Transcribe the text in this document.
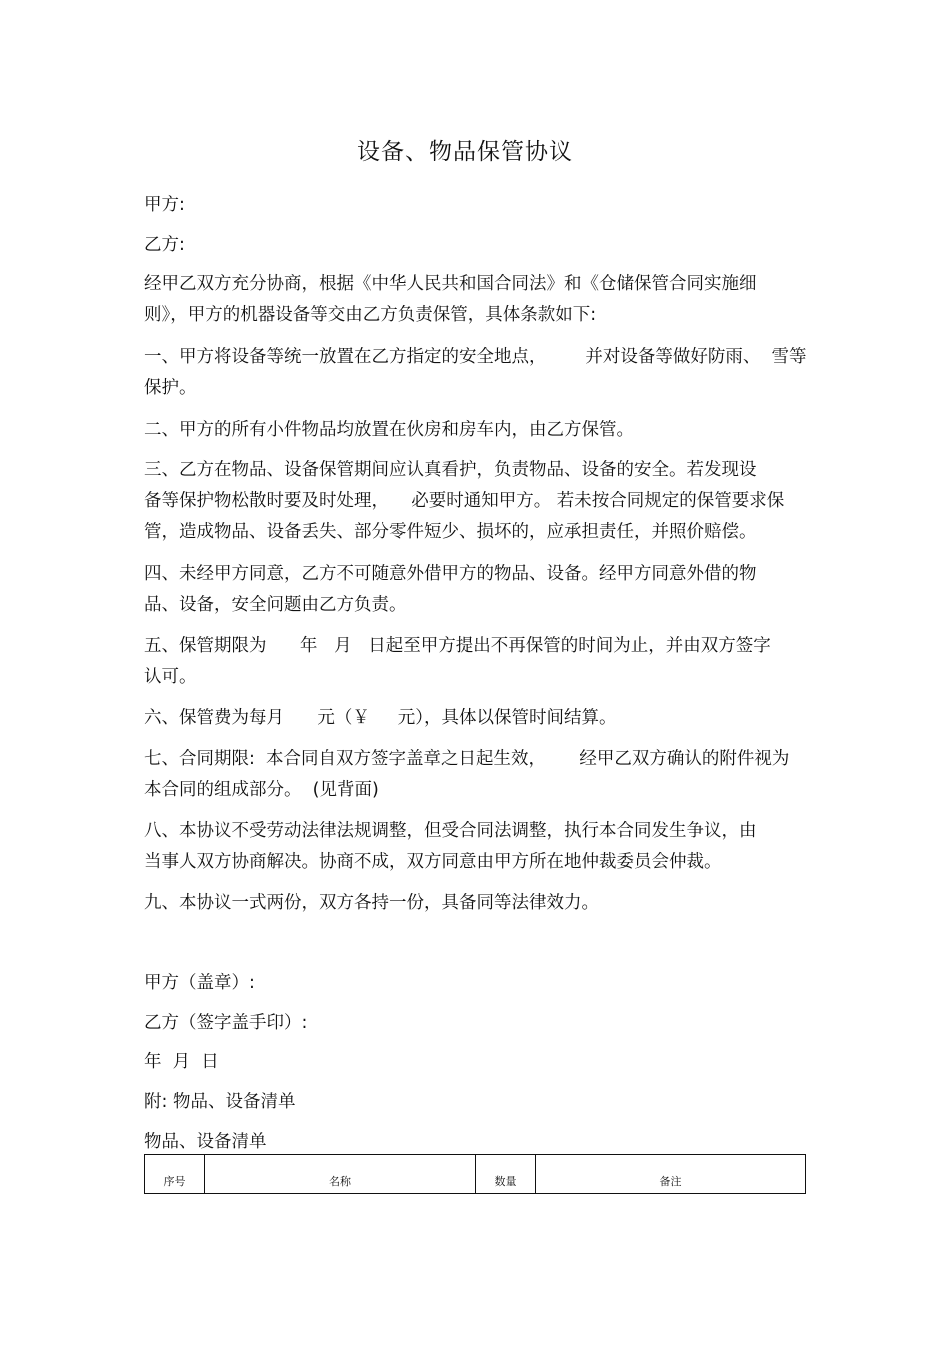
设备、物品保管协议
甲方:
乙方:
经甲乙双方充分协商，根据《中华人民共和国合同法》和《仓储保管合同实施细
则》，甲方的机器设备等交由乙方负责保管，具体条款如下:
一、甲方将设备等统一放置在乙方指定的安全地点，       并对设备等做好防雨、  雪等
保护。
二、甲方的所有小件物品均放置在伙房和房车内，由乙方保管。
三、乙方在物品、设备保管期间应认真看护，负责物品、设备的安全。若发现设
备等保护物松散时要及时处理，    必要时通知甲方。 若未按合同规定的保管要求保
管，造成物品、设备丢失、部分零件短少、损坏的，应承担责任，并照价赔偿。
四、未经甲方同意，乙方不可随意外借甲方的物品、设备。经甲方同意外借的物
品、设备，安全问题由乙方负责。
五、保管期限为      年   月   日起至甲方提出不再保管的时间为止，并由双方签字
认可。
六、保管费为每月      元（￥     元），具体以保管时间结算。
七、合同期限:  本合同自双方签字盖章之日起生效，      经甲乙双方确认的附件视为
本合同的组成部分。  (见背面)
八、本协议不受劳动法律法规调整，但受合同法调整，执行本合同发生争议，由
当事人双方协商解决。协商不成，双方同意由甲方所在地仲裁委员会仲裁。
九、本协议一式两份，双方各持一份，具备同等法律效力。
甲方（盖章）:
乙方（签字盖手印）:
年  月  日
附: 物品、设备清单
物品、设备清单
序号	名称	数量	备注
